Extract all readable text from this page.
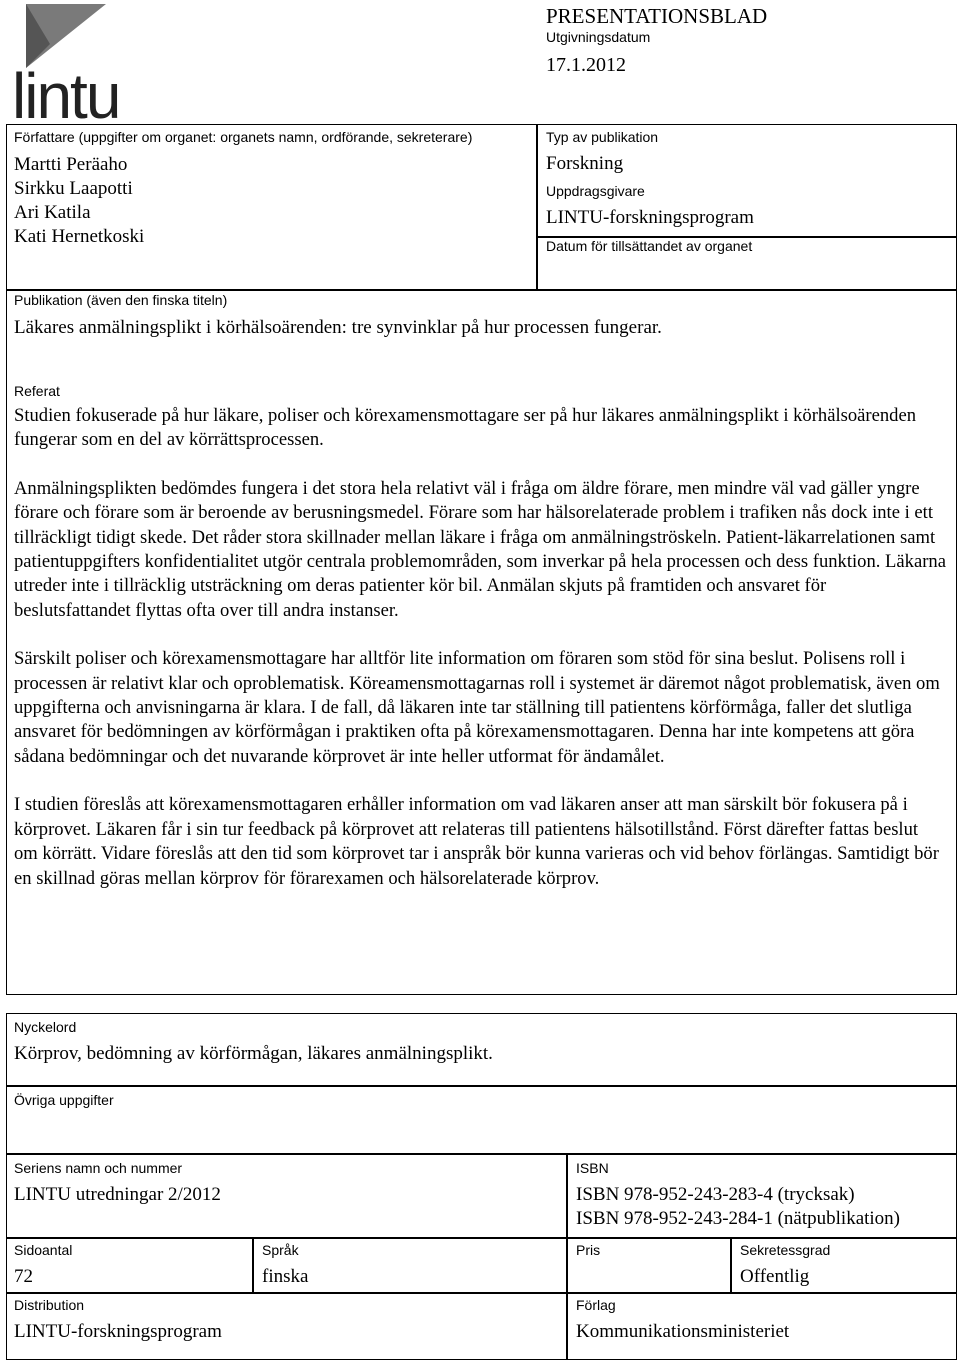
lintu
PRESENTATIONSBLAD
Utgivningsdatum
17.1.2012
Författare (uppgifter om organet: organets namn, ordförande, sekreterare)
Martti Peräaho
Sirkku Laapotti
Ari Katila
Kati Hernetkoski
Typ av publikation
Forskning
Uppdragsgivare
LINTU-forskningsprogram
Datum för tillsättandet av organet
Publikation (även den finska titeln)
Läkares anmälningsplikt i körhälsoärenden: tre synvinklar på hur processen fungerar.
Referat

Studien fokuserade på hur läkare, poliser och körexamensmottagare ser på hur läkares anmälningsplikt i körhälsoärenden fungerar som en del av körrättsprocessen.

Anmälningsplikten bedömdes fungera i det stora hela relativt väl i fråga om äldre förare, men mindre väl vad gäller yngre förare och förare som är beroende av berusningsmedel. Förare som har hälsorelaterade problem i trafiken nås dock inte i ett tillräckligt tidigt skede. Det råder stora skillnader mellan läkare i fråga om anmälningströskeln. Patient-läkarrelationen samt patientuppgifters konfidentialitet utgör centrala problemområden, som inverkar på hela processen och dess funktion. Läkarna utreder inte i tillräcklig utsträckning om deras patienter kör bil. Anmälan skjuts på framtiden och ansvaret för beslutsfattandet flyttas ofta over till andra instanser.

Särskilt poliser och körexamensmottagare har alltför lite information om föraren som stöd för sina beslut. Polisens roll i processen är relativt klar och oproblematisk. Köreamensmottagarnas roll i systemet är däremot något problematisk, även om uppgifterna och anvisningarna är klara. I de fall, då läkaren inte tar ställning till patientens körförmåga, faller det slutliga ansvaret för bedömningen av körförmågan i praktiken ofta på körexamensmottagaren. Denna har inte kompetens att göra sådana bedömningar och det nuvarande körprovet är inte heller utformat för ändamålet.

I studien föreslås att körexamensmottagaren erhåller information om vad läkaren anser att man särskilt bör fokusera på i körprovet. Läkaren får i sin tur feedback på körprovet att relateras till patientens hälsotillstånd. Först därefter fattas beslut om körrätt. Vidare föreslås att den tid som körprovet tar i anspråk bör kunna varieras och vid behov förlängas. Samtidigt bör en skillnad göras mellan körprov för förarexamen och hälsorelaterade körprov.

Nyckelord
Körprov, bedömning av körförmågan, läkares anmälningsplikt.
Övriga uppgifter
Seriens namn och nummer
LINTU utredningar 2/2012
ISBN
ISBN 978-952-243-283-4 (trycksak)
ISBN 978-952-243-284-1 (nätpublikation)
Sidoantal
72
Språk
finska
Pris	Sekretessgrad
Offentlig
Distribution
LINTU-forskningsprogram
Förlag
Kommunikationsministeriet
